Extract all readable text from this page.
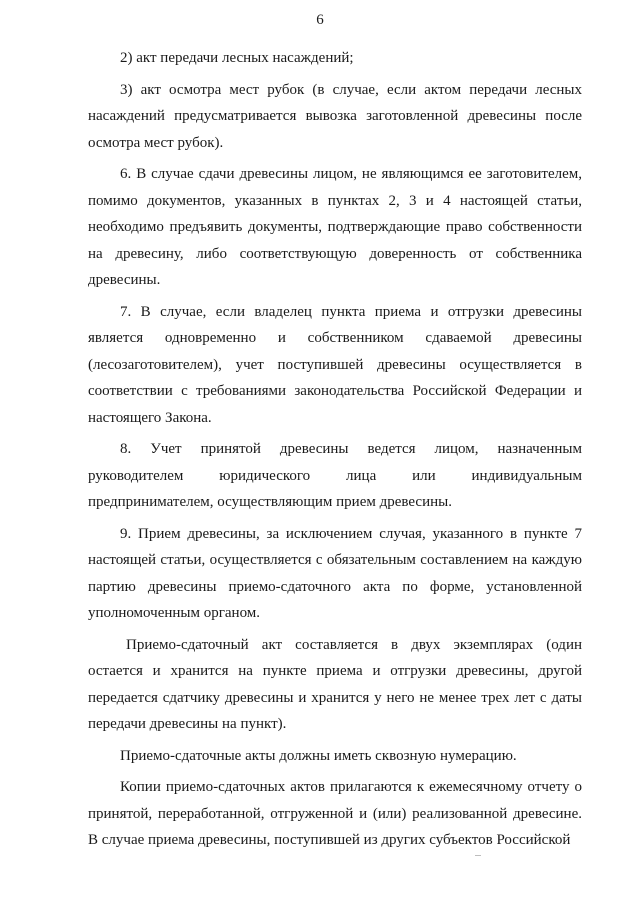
6

2) акт передачи лесных насаждений;

3) акт осмотра мест рубок (в случае, если актом передачи лесных насаждений предусматривается вывозка заготовленной древесины после осмотра мест рубок).

6. В случае сдачи древесины лицом, не являющимся ее заготовителем, помимо документов, указанных в пунктах 2, 3 и 4 настоящей статьи, необходимо предъявить документы, подтверждающие право собственности на древесину, либо соответствующую доверенность от собственника древесины.

7. В случае, если владелец пункта приема и отгрузки древесины является одновременно и собственником сдаваемой древесины (лесозаготовителем), учет поступившей древесины осуществляется в соответствии с требованиями законодательства Российской Федерации и настоящего Закона.

8. Учет принятой древесины ведется лицом, назначенным руководителем юридического лица или индивидуальным предпринимателем, осуществляющим прием древесины.

9. Прием древесины, за исключением случая, указанного в пункте 7 настоящей статьи, осуществляется с обязательным составлением на каждую партию древесины приемо-сдаточного акта по форме, установленной уполномоченным органом.

Приемо-сдаточный акт составляется в двух экземплярах (один остается и хранится на пункте приема и отгрузки древесины, другой передается сдатчику древесины и хранится у него не менее трех лет с даты передачи древесины на пункт).

Приемо-сдаточные акты должны иметь сквозную нумерацию.

Копии приемо-сдаточных актов прилагаются к ежемесячному отчету о принятой, переработанной, отгруженной и (или) реализованной древесине. В случае приема древесины, поступившей из других субъектов Российской
